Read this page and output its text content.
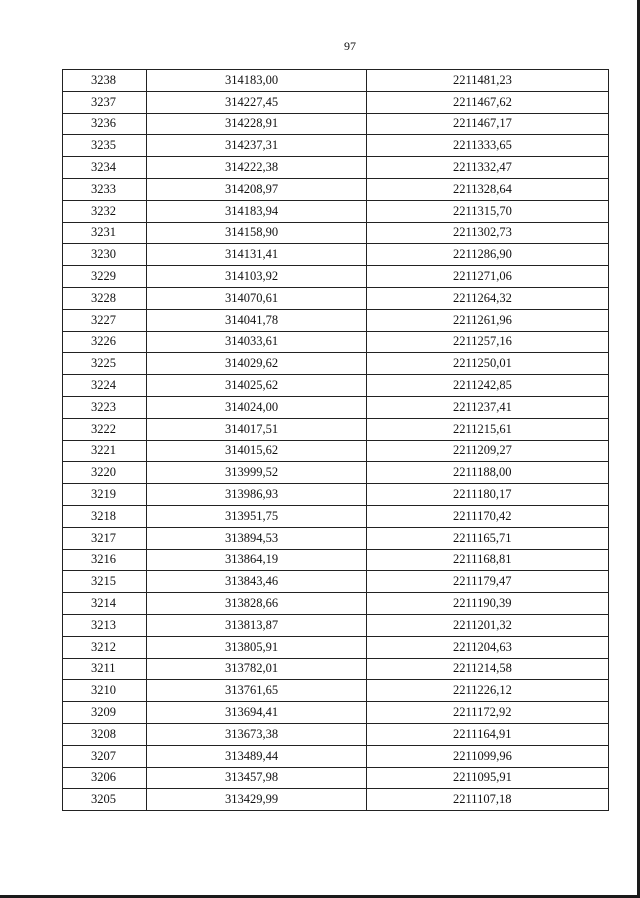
97
3238	314183,00	2211481,23
3237	314227,45	2211467,62
3236	314228,91	2211467,17
3235	314237,31	2211333,65
3234	314222,38	2211332,47
3233	314208,97	2211328,64
3232	314183,94	2211315,70
3231	314158,90	2211302,73
3230	314131,41	2211286,90
3229	314103,92	2211271,06
3228	314070,61	2211264,32
3227	314041,78	2211261,96
3226	314033,61	2211257,16
3225	314029,62	2211250,01
3224	314025,62	2211242,85
3223	314024,00	2211237,41
3222	314017,51	2211215,61
3221	314015,62	2211209,27
3220	313999,52	2211188,00
3219	313986,93	2211180,17
3218	313951,75	2211170,42
3217	313894,53	2211165,71
3216	313864,19	2211168,81
3215	313843,46	2211179,47
3214	313828,66	2211190,39
3213	313813,87	2211201,32
3212	313805,91	2211204,63
3211	313782,01	2211214,58
3210	313761,65	2211226,12
3209	313694,41	2211172,92
3208	313673,38	2211164,91
3207	313489,44	2211099,96
3206	313457,98	2211095,91
3205	313429,99	2211107,18
